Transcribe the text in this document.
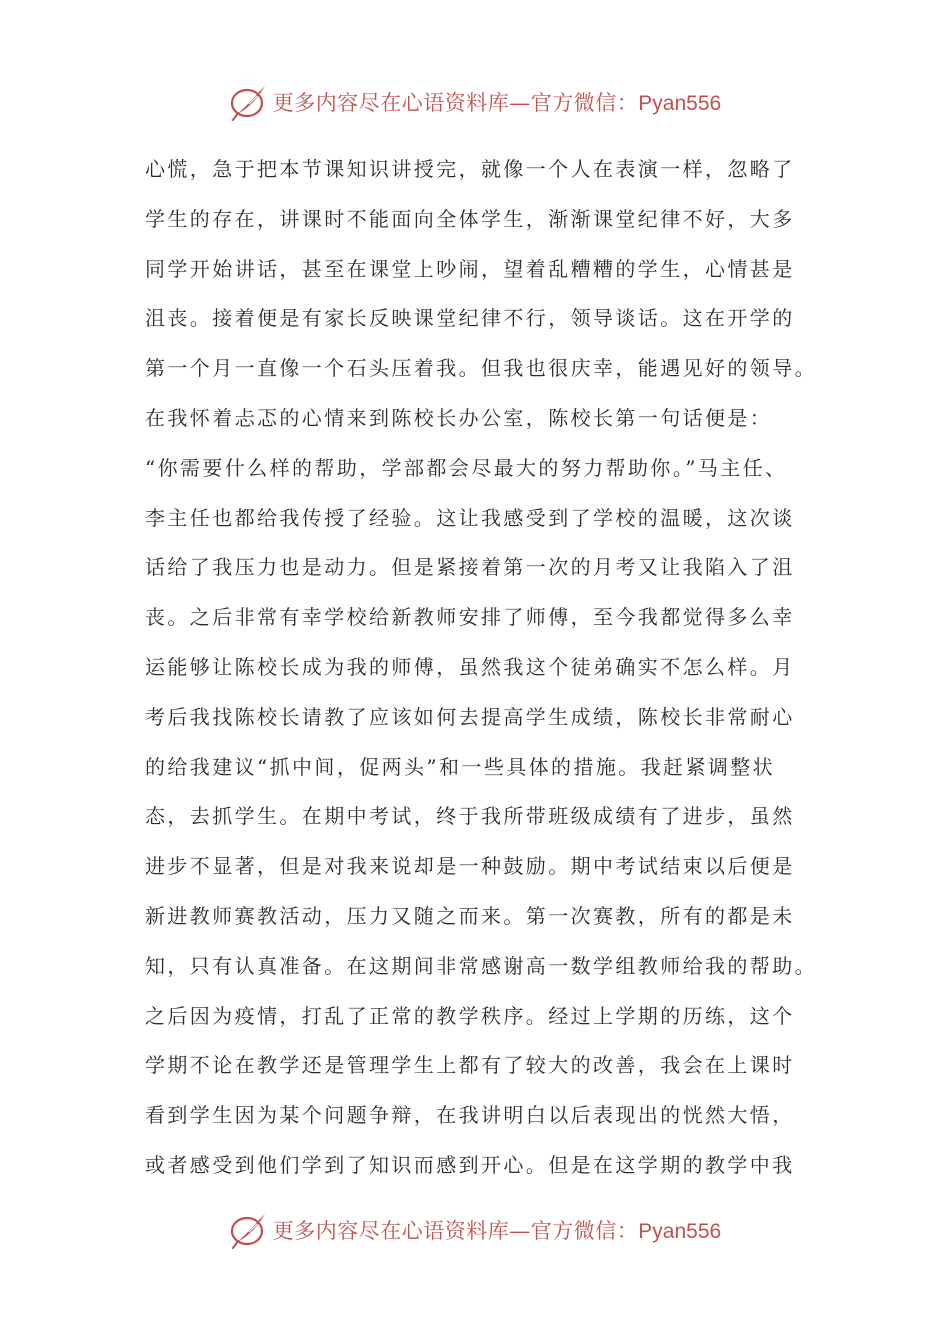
更多内容尽在心语资料库—官方微信：Pyan556
心慌，急于把本节课知识讲授完，就像一个人在表演一样，忽略了
学生的存在，讲课时不能面向全体学生，渐渐课堂纪律不好，大多
同学开始讲话，甚至在课堂上吵闹，望着乱糟糟的学生，心情甚是
沮丧。接着便是有家长反映课堂纪律不行，领导谈话。这在开学的
第一个月一直像一个石头压着我。但我也很庆幸，能遇见好的领导。
在我怀着忐忑的心情来到陈校长办公室，陈校长第一句话便是：
“你需要什么样的帮助，学部都会尽最大的努力帮助你。”马主任、
李主任也都给我传授了经验。这让我感受到了学校的温暖，这次谈
话给了我压力也是动力。但是紧接着第一次的月考又让我陷入了沮
丧。之后非常有幸学校给新教师安排了师傅，至今我都觉得多么幸
运能够让陈校长成为我的师傅，虽然我这个徒弟确实不怎么样。月
考后我找陈校长请教了应该如何去提高学生成绩，陈校长非常耐心
的给我建议“抓中间，促两头”和一些具体的措施。我赶紧调整状
态，去抓学生。在期中考试，终于我所带班级成绩有了进步，虽然
进步不显著，但是对我来说却是一种鼓励。期中考试结束以后便是
新进教师赛教活动，压力又随之而来。第一次赛教，所有的都是未
知，只有认真准备。在这期间非常感谢高一数学组教师给我的帮助。
之后因为疫情，打乱了正常的教学秩序。经过上学期的历练，这个
学期不论在教学还是管理学生上都有了较大的改善，我会在上课时
看到学生因为某个问题争辩，在我讲明白以后表现出的恍然大悟，
或者感受到他们学到了知识而感到开心。但是在这学期的教学中我
更多内容尽在心语资料库—官方微信：Pyan556
